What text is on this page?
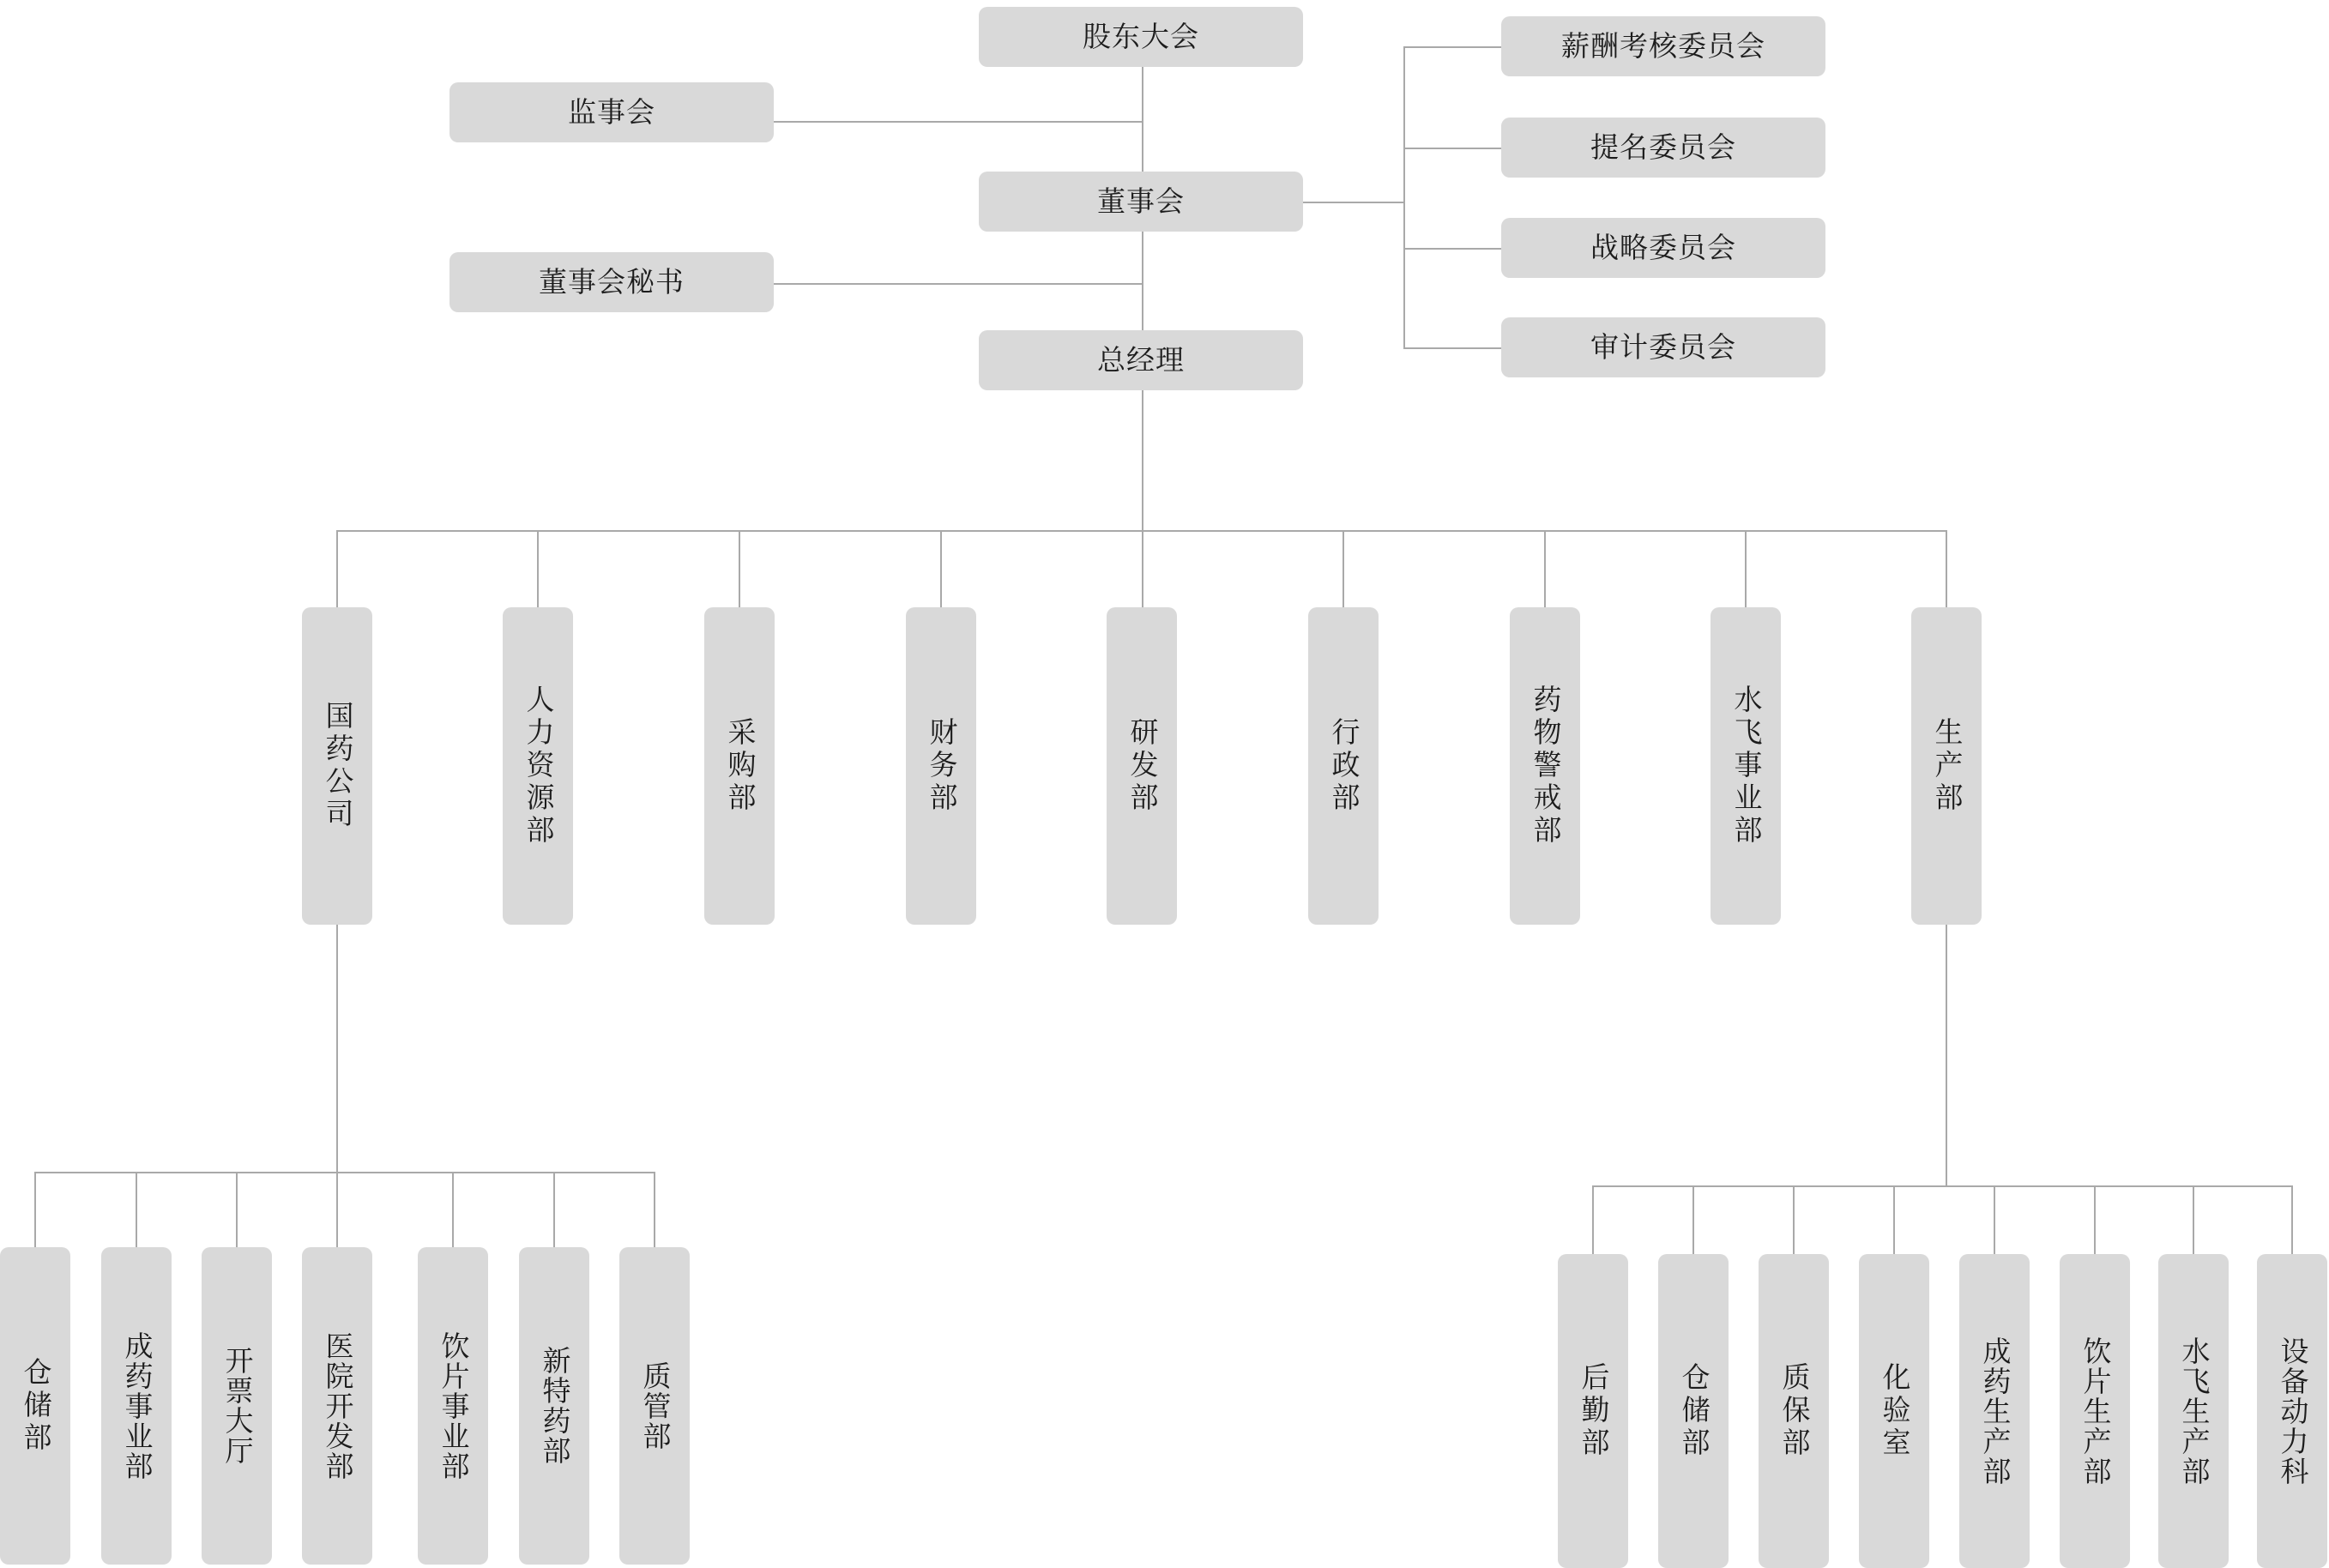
股东大会
监事会
董事会
董事会秘书
总经理
薪酬考核委员会
提名委员会
战略委员会
审计委员会
国药公司	人力资源部	采购部	财务部	研发部	行政部	药物警戒部	水飞事业部	生产部
仓储部	成药事业部	开票大厅	医院开发部	饮片事业部	新特药部	质管部	后勤部	仓储部	质保部	化验室	成药生产部	饮片生产部	水飞生产部	设备动力科
